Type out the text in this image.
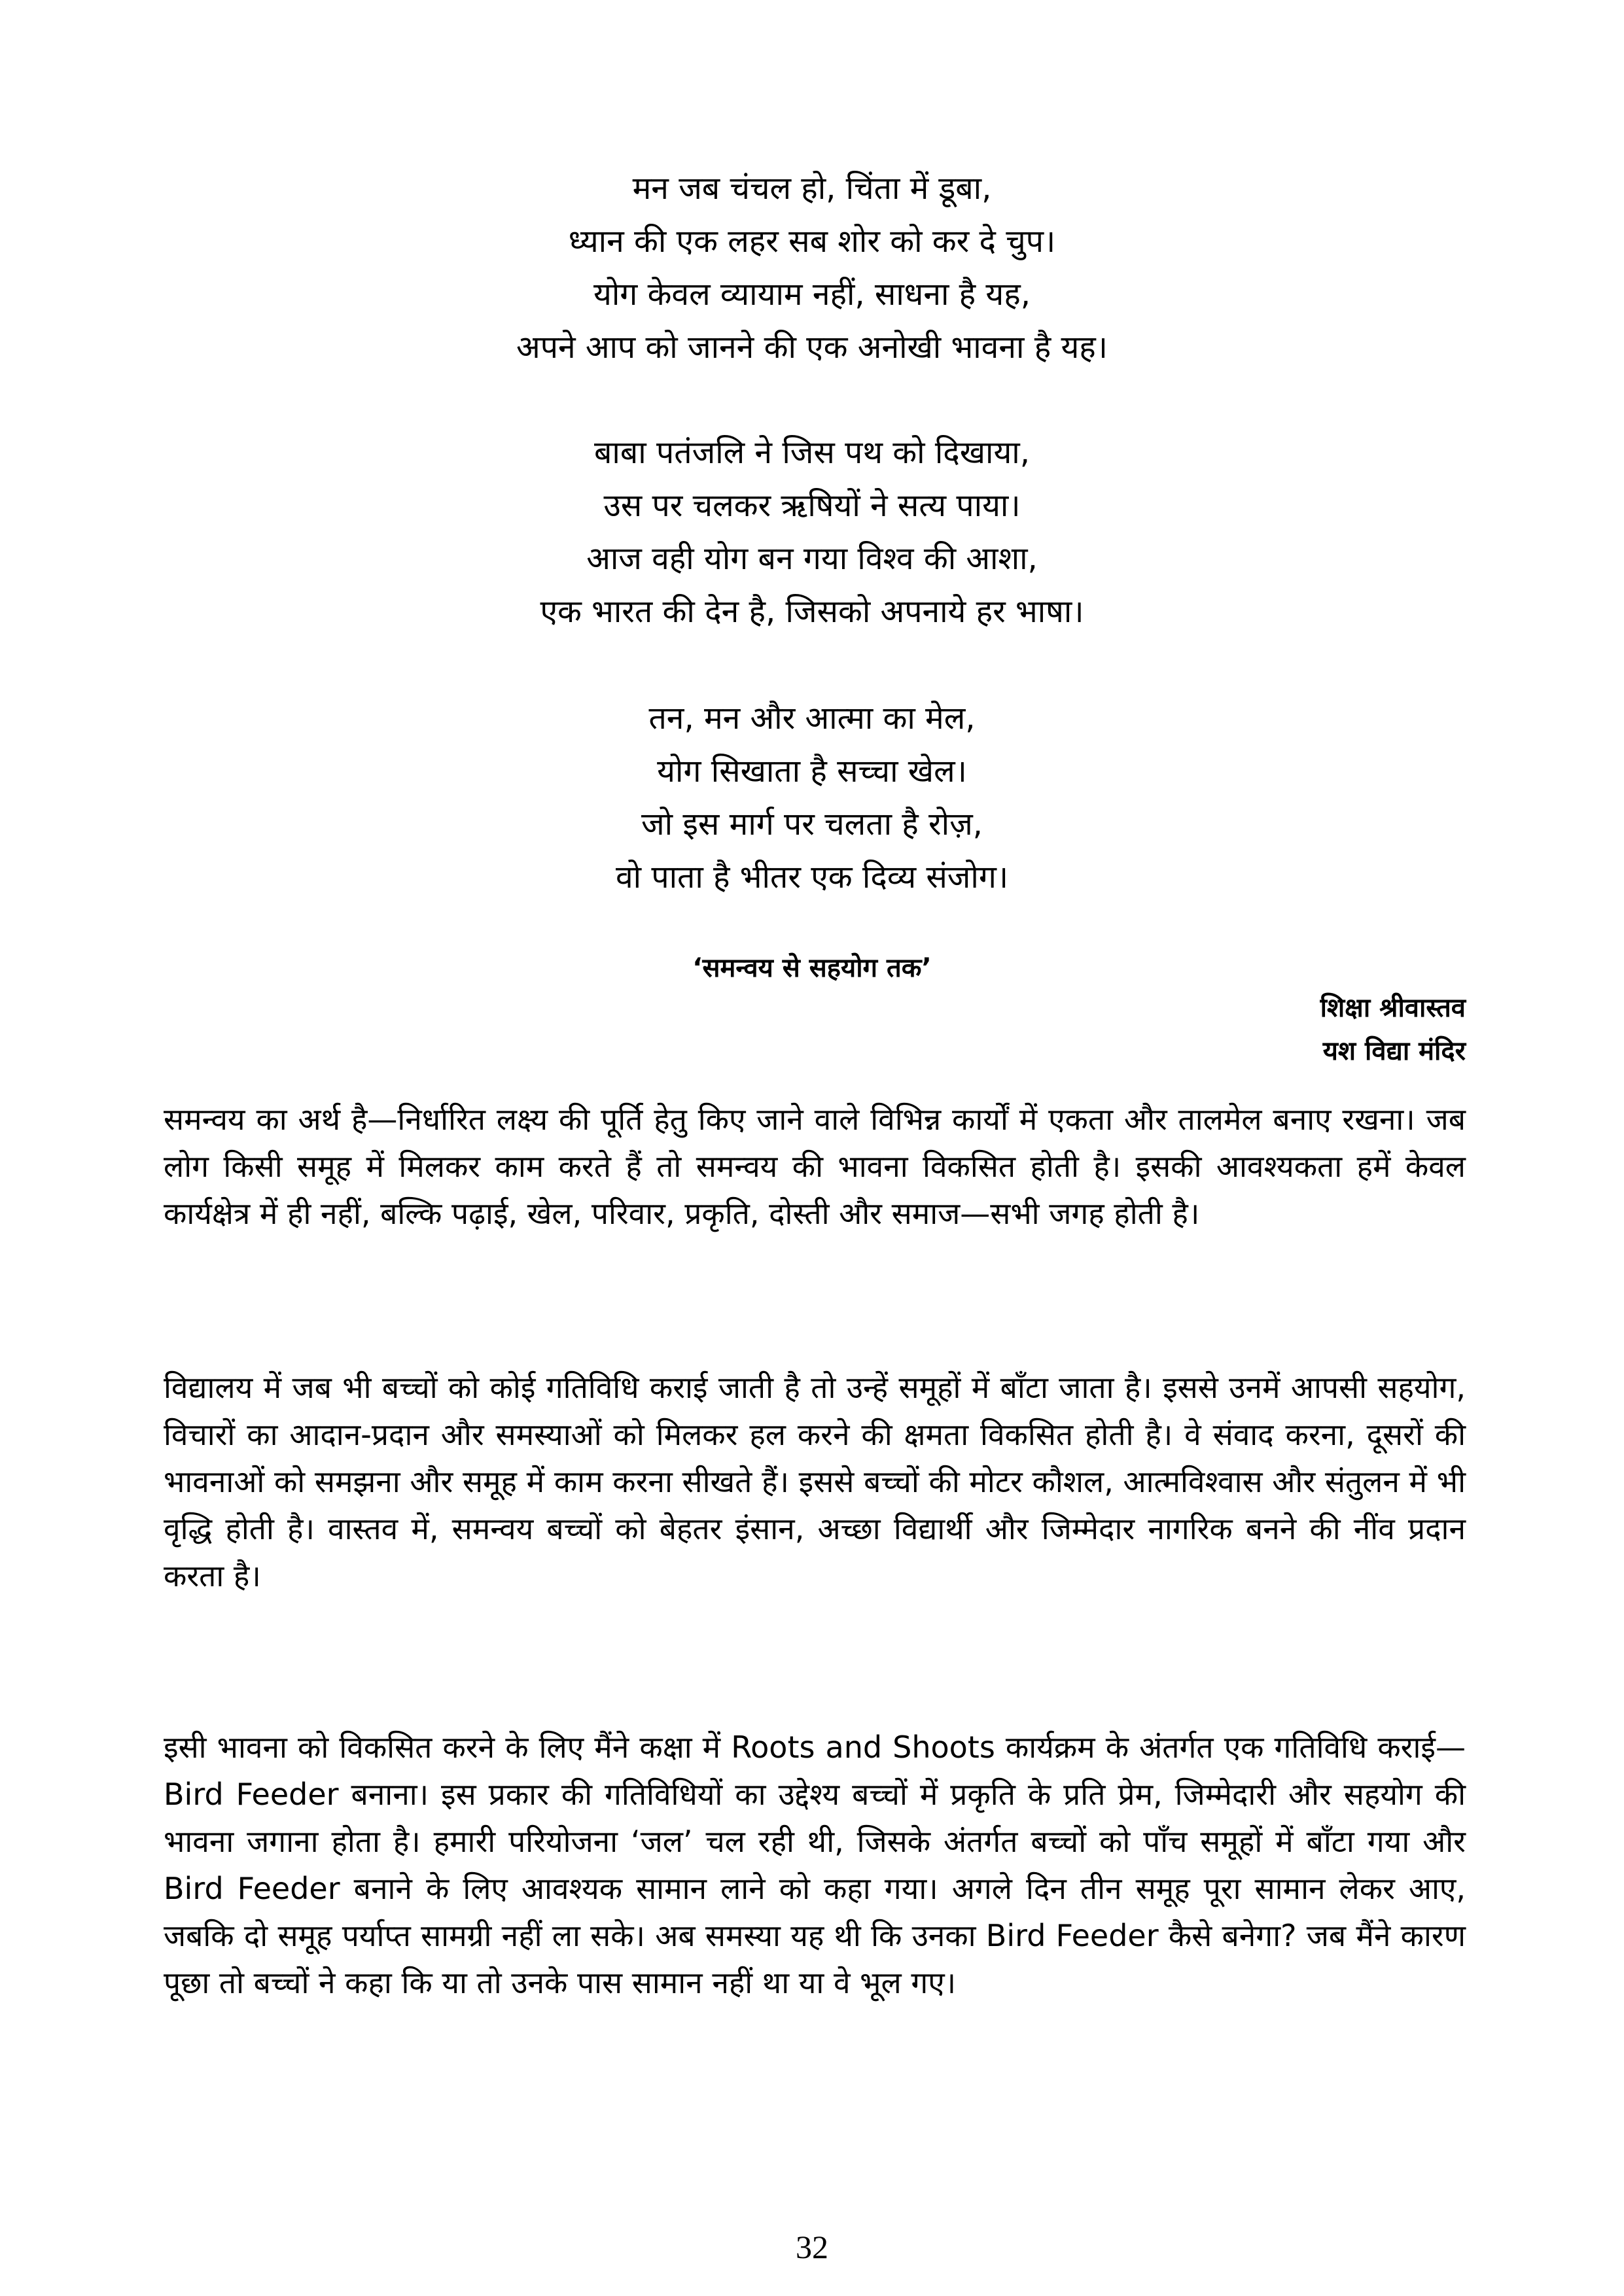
मन जब चंचल हो, चिंता में डूबा,
ध्यान की एक लहर सब शोर को कर दे चुप।
योग केवल व्यायाम नहीं, साधना है यह,
अपने आप को जानने की एक अनोखी भावना है यह।
बाबा पतंजलि ने जिस पथ को दिखाया,
उस पर चलकर ऋषियों ने सत्य पाया।
आज वही योग बन गया विश्व की आशा,
एक भारत की देन है, जिसको अपनाये हर भाषा।
तन, मन और आत्मा का मेल,
योग सिखाता है सच्चा खेल।
जो इस मार्ग पर चलता है रोज़,
वो पाता है भीतर एक दिव्य संजोग।
‘समन्वय से सहयोग तक’
शिक्षा श्रीवास्तव
यश विद्या मंदिर

समन्वय का अर्थ है—निर्धारित लक्ष्य की पूर्ति हेतु किए जाने वाले विभिन्न कार्यों में एकता और तालमेल बनाए रखना। जब लोग किसी समूह में मिलकर काम करते हैं तो समन्वय की भावना विकसित होती है। इसकी आवश्यकता हमें केवल कार्यक्षेत्र में ही नहीं, बल्कि पढ़ाई, खेल, परिवार, प्रकृति, दोस्ती और समाज—सभी जगह होती है।

विद्यालय में जब भी बच्चों को कोई गतिविधि कराई जाती है तो उन्हें समूहों में बाँटा जाता है। इससे उनमें आपसी सहयोग, विचारों का आदान-प्रदान और समस्याओं को मिलकर हल करने की क्षमता विकसित होती है। वे संवाद करना, दूसरों की भावनाओं को समझना और समूह में काम करना सीखते हैं। इससे बच्चों की मोटर कौशल, आत्मविश्वास और संतुलन में भी वृद्धि होती है। वास्तव में, समन्वय बच्चों को बेहतर इंसान, अच्छा विद्यार्थी और जिम्मेदार नागरिक बनने की नींव प्रदान करता है।

इसी भावना को विकसित करने के लिए मैंने कक्षा में Roots and Shoots कार्यक्रम के अंतर्गत एक गतिविधि कराई—Bird Feeder बनाना। इस प्रकार की गतिविधियों का उद्देश्य बच्चों में प्रकृति के प्रति प्रेम, जिम्मेदारी और सहयोग की भावना जगाना होता है। हमारी परियोजना ‘जल’ चल रही थी, जिसके अंतर्गत बच्चों को पाँच समूहों में बाँटा गया और Bird Feeder बनाने के लिए आवश्यक सामान लाने को कहा गया। अगले दिन तीन समूह पूरा सामान लेकर आए, जबकि दो समूह पर्याप्त सामग्री नहीं ला सके। अब समस्या यह थी कि उनका Bird Feeder कैसे बनेगा? जब मैंने कारण पूछा तो बच्चों ने कहा कि या तो उनके पास सामान नहीं था या वे भूल गए।

32
